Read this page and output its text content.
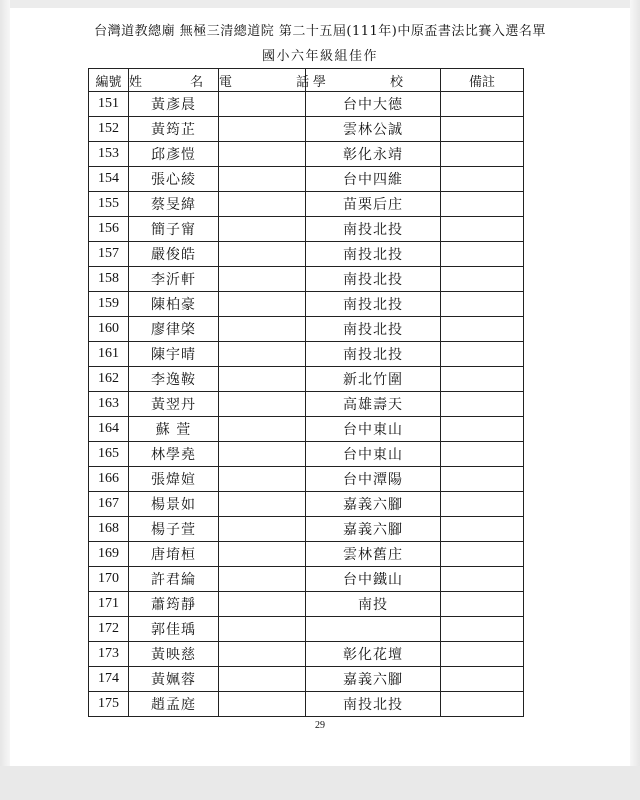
台灣道教總廟 無極三清總道院 第二十五屆(111年)中原盃書法比賽入選名單
國小六年級組佳作
編號	姓 名	電 話	學 校	備註
151	黃彥晨		台中大德	
152	黃筠芷		雲林公誠	
153	邱彥愷		彰化永靖	
154	張心綾		台中四維	
155	蔡旻緯		苗栗后庄	
156	簡子甯		南投北投	
157	嚴俊皓		南投北投	
158	李沂軒		南投北投	
159	陳柏豪		南投北投	
160	廖律棨		南投北投	
161	陳宇晴		南投北投	
162	李逸鞍		新北竹圍	
163	黃翌丹		高雄壽天	
164	蘇 萱		台中東山	
165	林學堯		台中東山	
166	張煒媗		台中潭陽	
167	楊景如		嘉義六腳	
168	楊子萱		嘉義六腳	
169	唐堉桓		雲林舊庄	
170	許君綸		台中鐵山	
171	蕭筠靜		南投	
172	郭佳瑀			
173	黃映慈		彰化花壇	
174	黃姵蓉		嘉義六腳	
175	趙孟庭		南投北投	
29
